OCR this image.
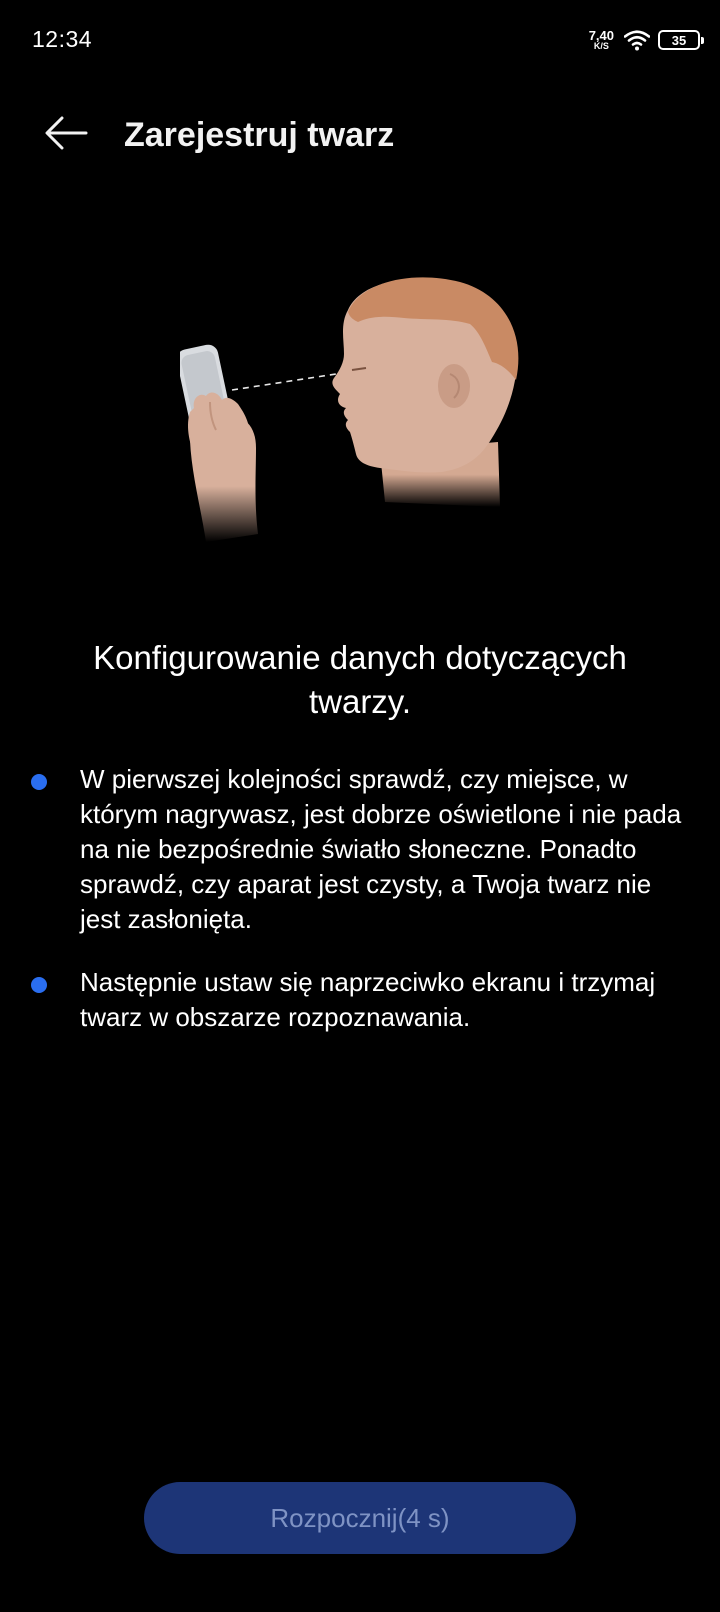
12:34	7,40
K/S	35
Zarejestruj twarz
Konfigurowanie danych dotyczących twarzy.
W pierwszej kolejności sprawdź, czy miejsce, w którym nagrywasz, jest dobrze oświetlone i nie pada na nie bezpośrednie światło słoneczne. Ponadto sprawdź, czy aparat jest czysty, a Twoja twarz nie jest zasłonięta.
Następnie ustaw się naprzeciwko ekranu i trzymaj twarz w obszarze rozpoznawania.
Rozpocznij(4 s)
